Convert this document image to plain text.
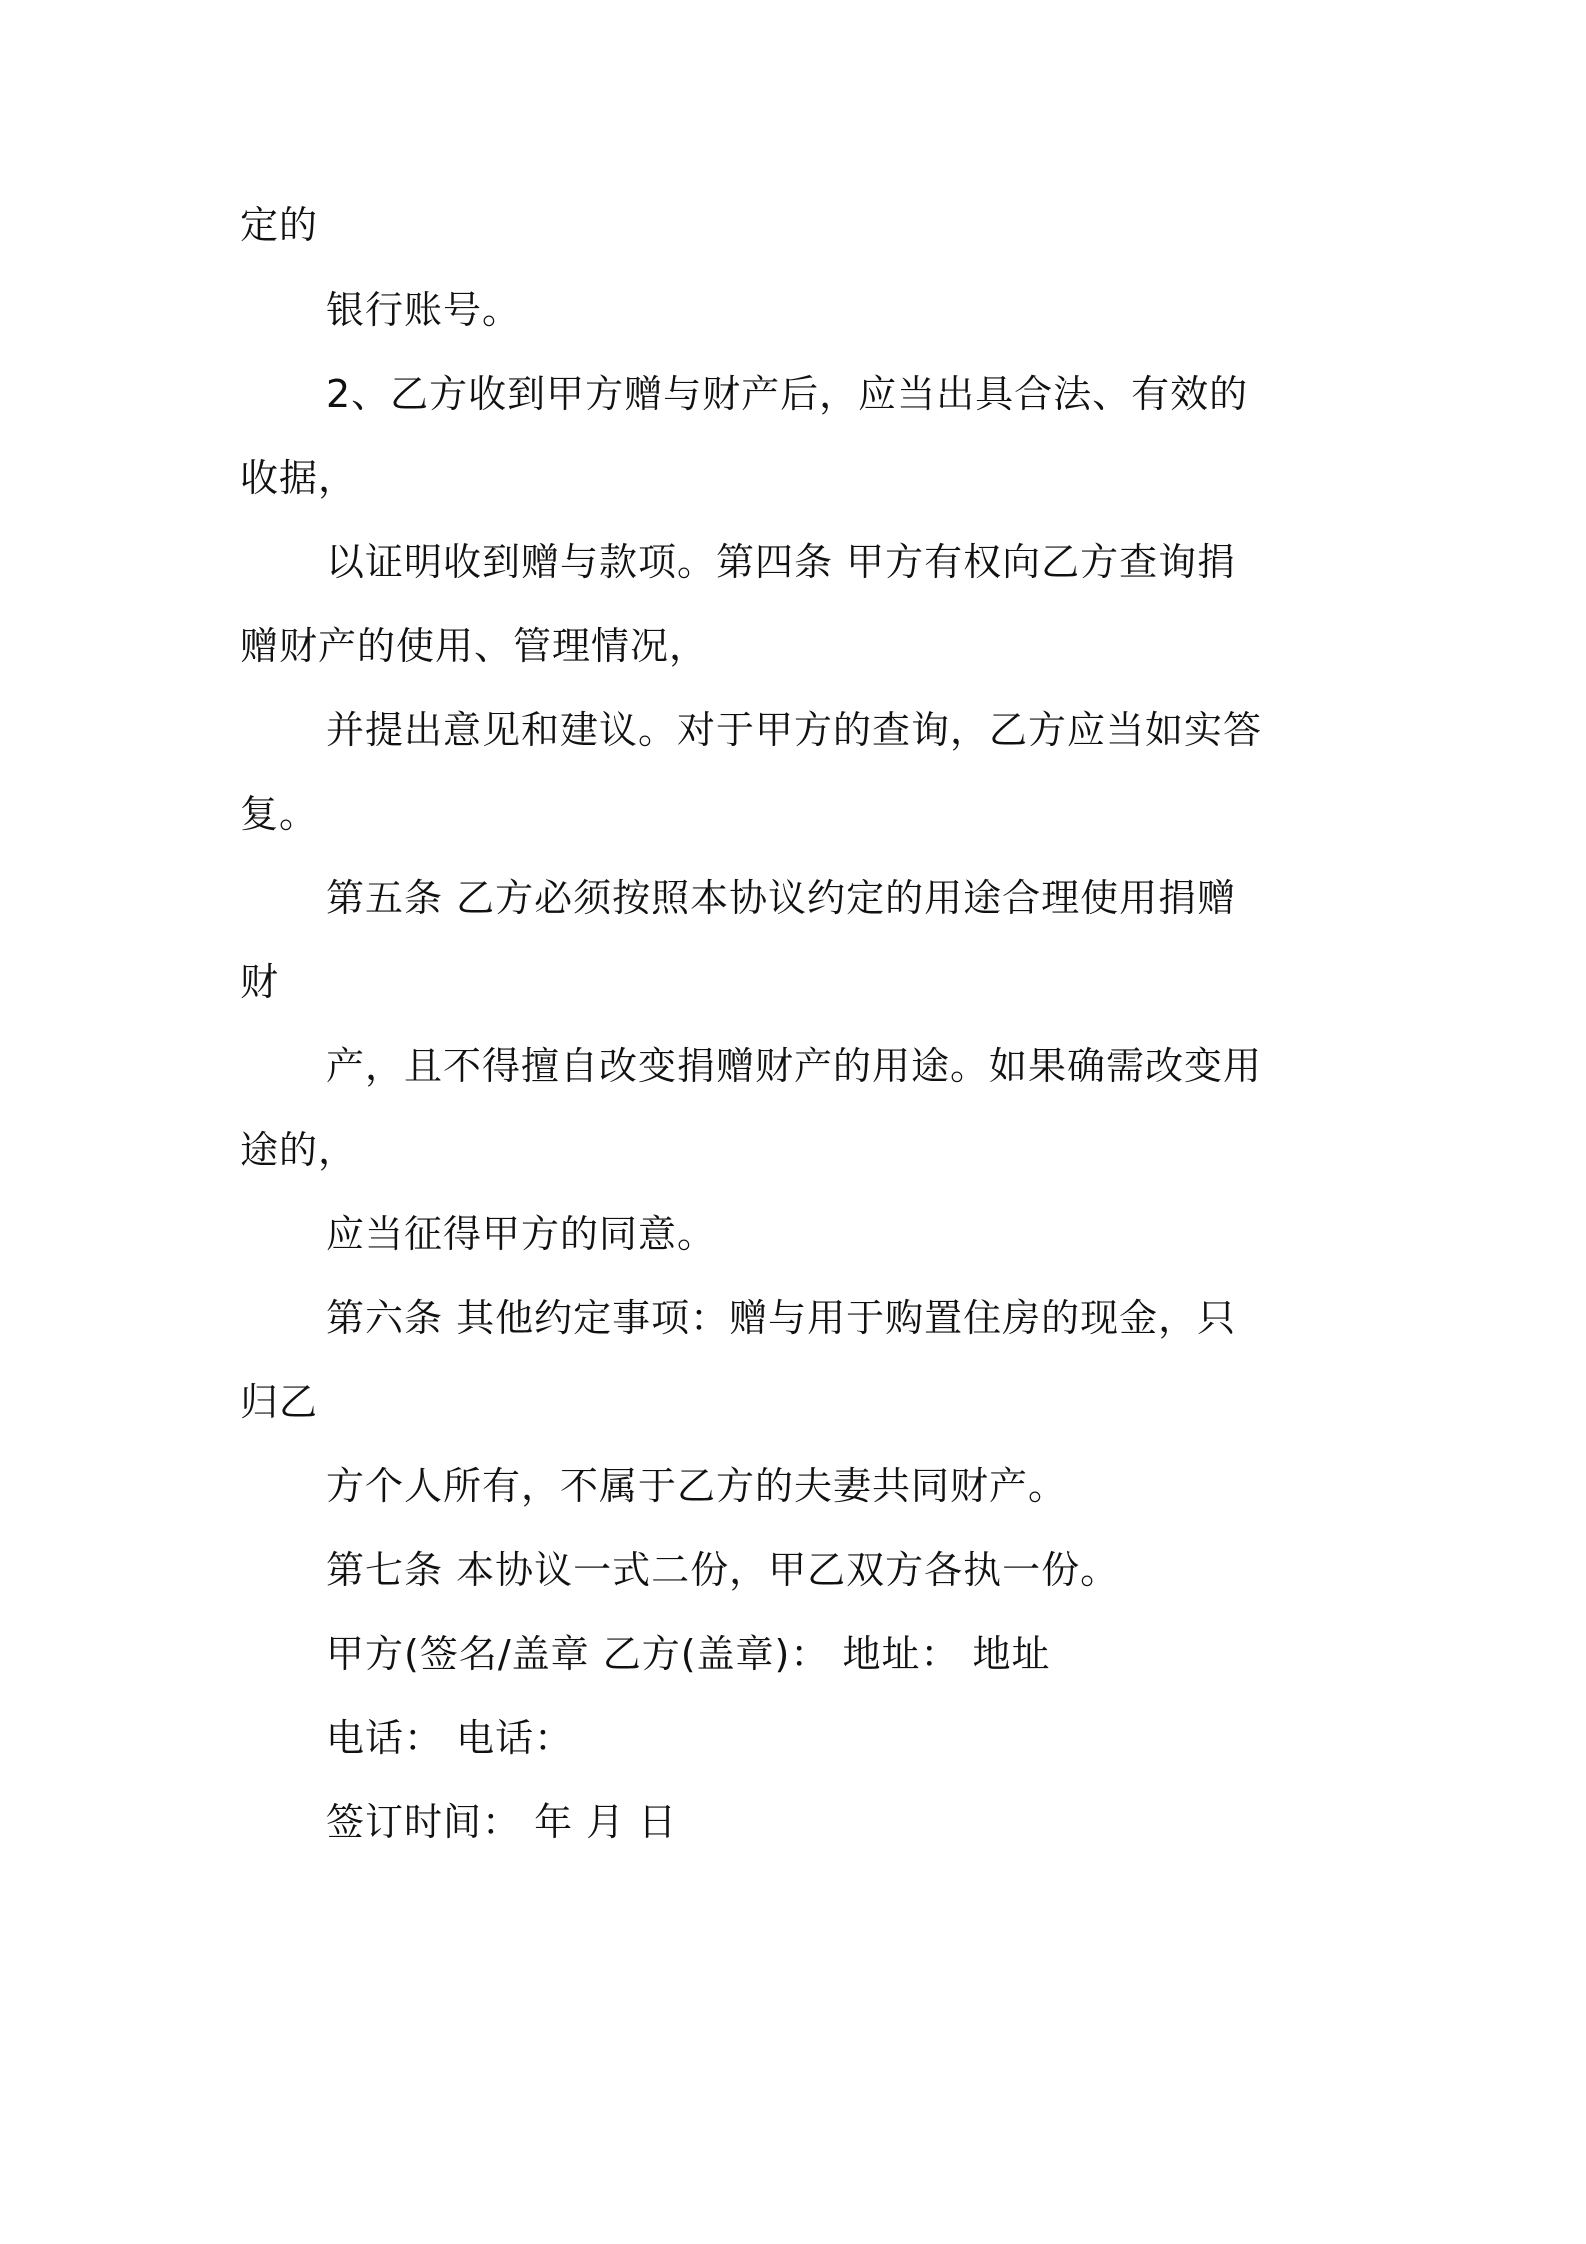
定的
银行账号。
2、乙方收到甲方赠与财产后，应当出具合法、有效的
收据，
以证明收到赠与款项。第四条 甲方有权向乙方查询捐
赠财产的使用、管理情况，
并提出意见和建议。对于甲方的查询，乙方应当如实答
复。
第五条 乙方必须按照本协议约定的用途合理使用捐赠
财
产，且不得擅自改变捐赠财产的用途。如果确需改变用
途的，
应当征得甲方的同意。
第六条 其他约定事项：赠与用于购置住房的现金，只
归乙
方个人所有，不属于乙方的夫妻共同财产。
第七条 本协议一式二份，甲乙双方各执一份。
甲方(签名/盖章 乙方(盖章)： 地址： 地址
电话： 电话：
签订时间： 年 月 日
